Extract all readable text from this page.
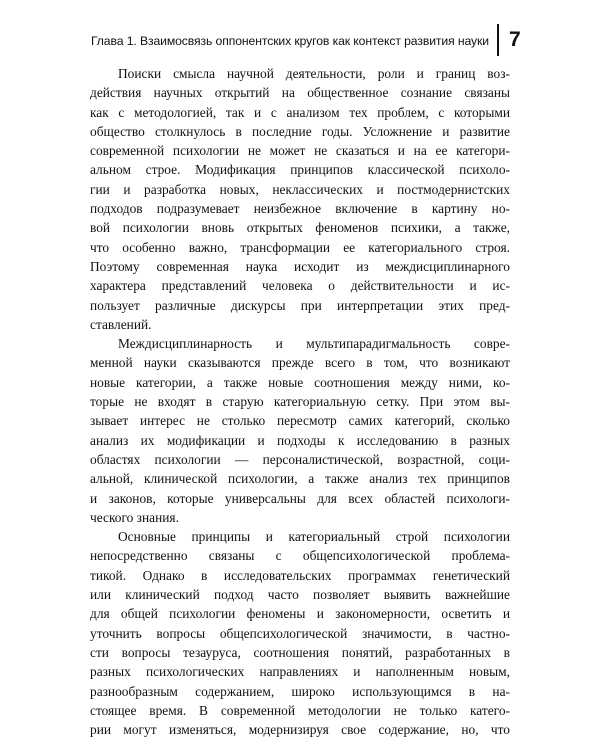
Глава 1. Взаимосвязь оппонентских кругов как контекст развития науки 7
Поиски смысла научной деятельности, роли и границ воз-
действия научных открытий на общественное сознание связаны
как с методологией, так и с анализом тех проблем, с которыми
общество столкнулось в последние годы. Усложнение и развитие
современной психологии не может не сказаться и на ее категори-
альном строе. Модификация принципов классической психоло-
гии и разработка новых, неклассических и постмодернистских
подходов подразумевает неизбежное включение в картину но-
вой психологии вновь открытых феноменов психики, а также,
что особенно важно, трансформации ее категориального строя.
Поэтому современная наука исходит из междисциплинарного
характера представлений человека о действительности и ис-
пользует различные дискурсы при интерпретации этих пред-
ставлений.
Междисциплинарность и мультипарадигмальность совре-
менной науки сказываются прежде всего в том, что возникают
новые категории, а также новые соотношения между ними, ко-
торые не входят в старую категориальную сетку. При этом вы-
зывает интерес не столько пересмотр самих категорий, сколько
анализ их модификации и подходы к исследованию в разных
областях психологии — персоналистической, возрастной, соци-
альной, клинической психологии, а также анализ тех принципов
и законов, которые универсальны для всех областей психологи-
ческого знания.
Основные принципы и категориальный строй психологии
непосредственно связаны с общепсихологической проблема-
тикой. Однако в исследовательских программах генетический
или клинический подход часто позволяет выявить важнейшие
для общей психологии феномены и закономерности, осветить и
уточнить вопросы общепсихологической значимости, в частно-
сти вопросы тезауруса, соотношения понятий, разработанных в
разных психологических направлениях и наполненным новым,
разнообразным содержанием, широко использующимся в на-
стоящее время. В современной методологии не только катего-
рии могут изменяться, модернизируя свое содержание, но, что
